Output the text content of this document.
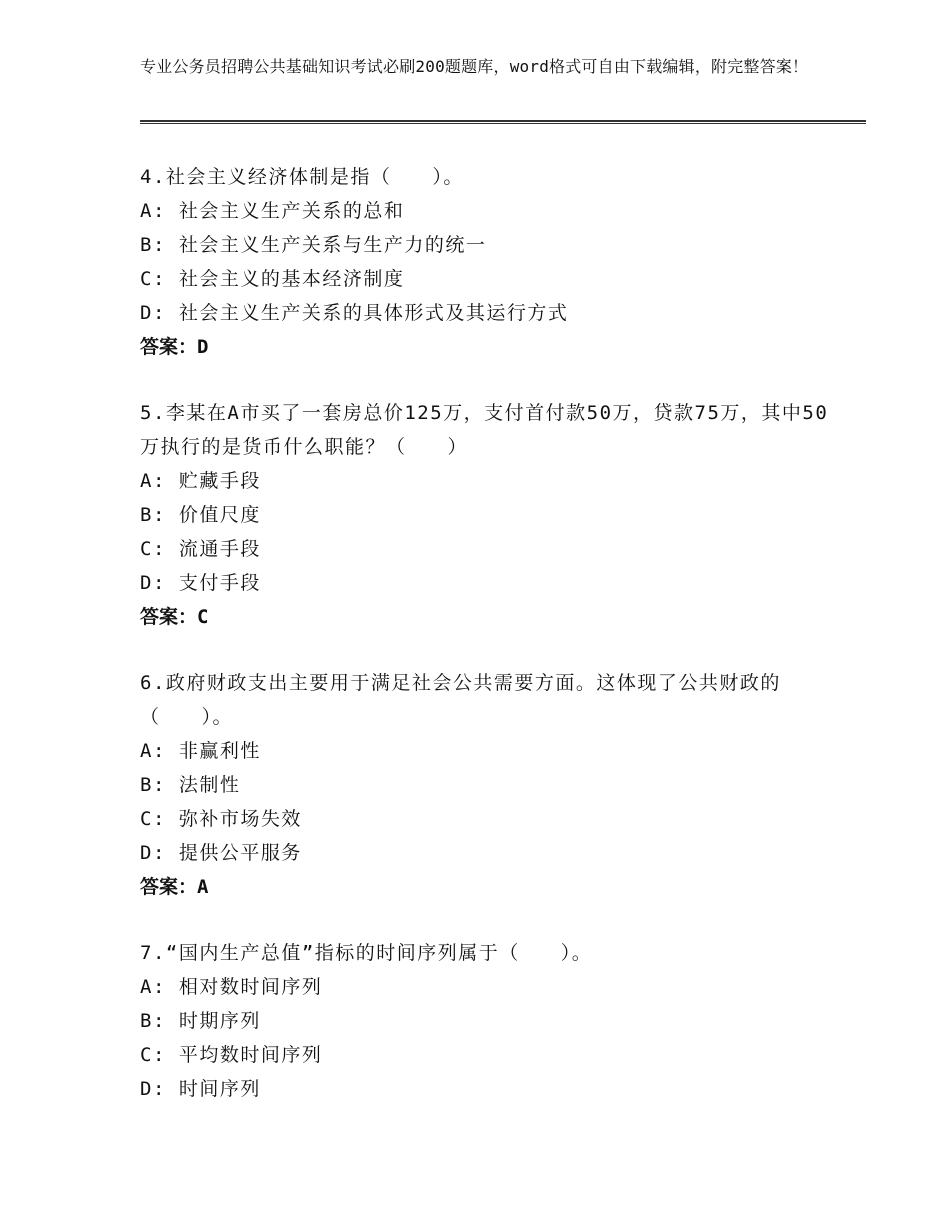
专业公务员招聘公共基础知识考试必刷200题题库，word格式可自由下载编辑，附完整答案！
4.社会主义经济体制是指（　　）。
A: 社会主义生产关系的总和
B: 社会主义生产关系与生产力的统一
C: 社会主义的基本经济制度
D: 社会主义生产关系的具体形式及其运行方式
答案：D
5.李某在A市买了一套房总价125万，支付首付款50万，贷款75万，其中50万执行的是货币什么职能？（　　）
A: 贮藏手段
B: 价值尺度
C: 流通手段
D: 支付手段
答案：C
6.政府财政支出主要用于满足社会公共需要方面。这体现了公共财政的（　　）。
A: 非赢利性
B: 法制性
C: 弥补市场失效
D: 提供公平服务
答案：A
7.“国内生产总值”指标的时间序列属于（　　）。
A: 相对数时间序列
B: 时期序列
C: 平均数时间序列
D: 时间序列
